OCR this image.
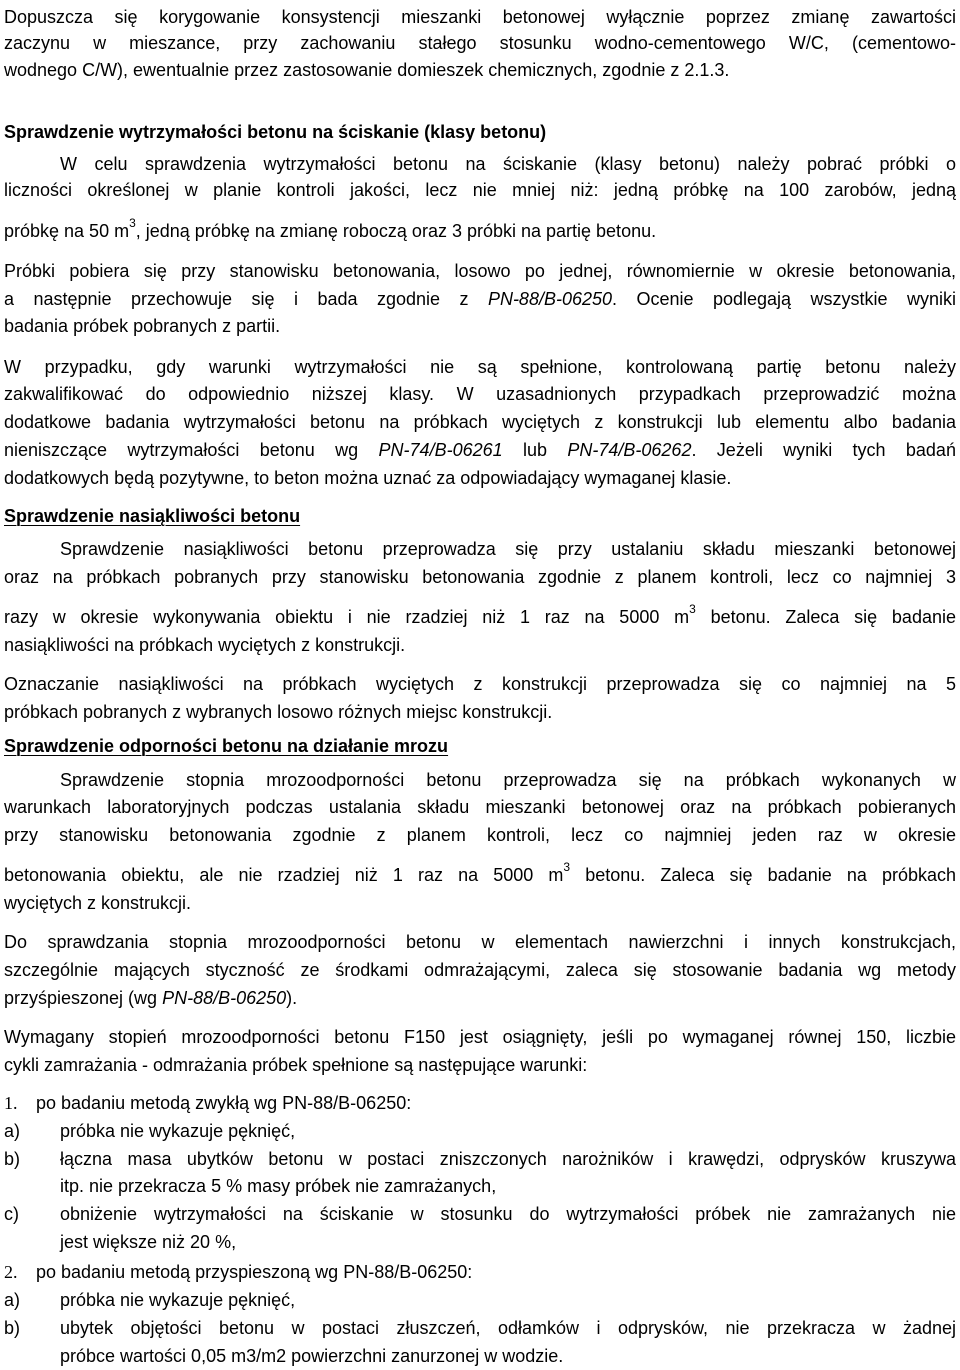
Dopuszcza się korygowanie konsystencji mieszanki betonowej wyłącznie poprzez zmianę zawartości
zaczynu w mieszance, przy zachowaniu stałego stosunku wodno-cementowego W/C, (cementowo-
wodnego C/W), ewentualnie przez zastosowanie domieszek chemicznych, zgodnie z 2.1.3.
Sprawdzenie wytrzymałości betonu na ściskanie (klasy betonu)
W celu sprawdzenia wytrzymałości betonu na ściskanie (klasy betonu) należy pobrać próbki o
liczności określonej w planie kontroli jakości, lecz nie mniej niż: jedną próbkę na 100 zarobów, jedną
próbkę na 50 $m^3$, jedną próbkę na zmianę roboczą oraz 3 próbki na partię betonu.
Próbki pobiera się przy stanowisku betonowania, losowo po jednej, równomiernie w okresie betonowania,
a następnie przechowuje się i bada zgodnie z PN-88/B-06250. Ocenie podlegają wszystkie wyniki
badania próbek pobranych z partii.
W przypadku, gdy warunki wytrzymałości nie są spełnione, kontrolowaną partię betonu należy
zakwalifikować do odpowiednio niższej klasy. W uzasadnionych przypadkach przeprowadzić można
dodatkowe badania wytrzymałości betonu na próbkach wyciętych z konstrukcji lub elementu albo badania
nieniszczące wytrzymałości betonu wg PN-74/B-06261 lub PN-74/B-06262. Jeżeli wyniki tych badań
dodatkowych będą pozytywne, to beton można uznać za odpowiadający wymaganej klasie.
Sprawdzenie nasiąkliwości betonu
Sprawdzenie nasiąkliwości betonu przeprowadza się przy ustalaniu składu mieszanki betonowej
oraz na próbkach pobranych przy stanowisku betonowania zgodnie z planem kontroli, lecz co najmniej 3
razy w okresie wykonywania obiektu i nie rzadziej niż 1 raz na 5000 $m^3$ betonu. Zaleca się badanie
nasiąkliwości na próbkach wyciętych z konstrukcji.
Oznaczanie nasiąkliwości na próbkach wyciętych z konstrukcji przeprowadza się co najmniej na 5
próbkach pobranych z wybranych losowo różnych miejsc konstrukcji.
Sprawdzenie odporności betonu na działanie mrozu
Sprawdzenie stopnia mrozoodporności betonu przeprowadza się na próbkach wykonanych w
warunkach laboratoryjnych podczas ustalania składu mieszanki betonowej oraz na próbkach pobieranych
przy stanowisku betonowania zgodnie z planem kontroli, lecz co najmniej jeden raz w okresie
betonowania obiektu, ale nie rzadziej niż 1 raz na 5000 $m^3$ betonu. Zaleca się badanie na próbkach
wyciętych z konstrukcji.
Do sprawdzania stopnia mrozoodporności betonu w elementach nawierzchni i innych konstrukcjach,
szczególnie mających styczność ze środkami odmrażającymi, zaleca się stosowanie badania wg metody
przyśpieszonej (wg PN-88/B-06250).
Wymagany stopień mrozoodporności betonu F150 jest osiągnięty, jeśli po wymaganej równej 150, liczbie
cykli zamrażania - odmrażania próbek spełnione są następujące warunki:
1. po badaniu metodą zwykłą wg PN-88/B-06250:
a) próbka nie wykazuje pęknięć,
b) łączna masa ubytków betonu w postaci zniszczonych narożników i krawędzi, odprysków kruszywa
itp. nie przekracza 5 % masy próbek nie zamrażanych,
c) obniżenie wytrzymałości na ściskanie w stosunku do wytrzymałości próbek nie zamrażanych nie
jest większe niż 20 %,
2. po badaniu metodą przyspieszoną wg PN-88/B-06250:
a) próbka nie wykazuje pęknięć,
b) ubytek objętości betonu w postaci złuszczeń, odłamków i odprysków, nie przekracza w żadnej
próbce wartości 0,05 m3/m2 powierzchni zanurzonej w wodzie.
